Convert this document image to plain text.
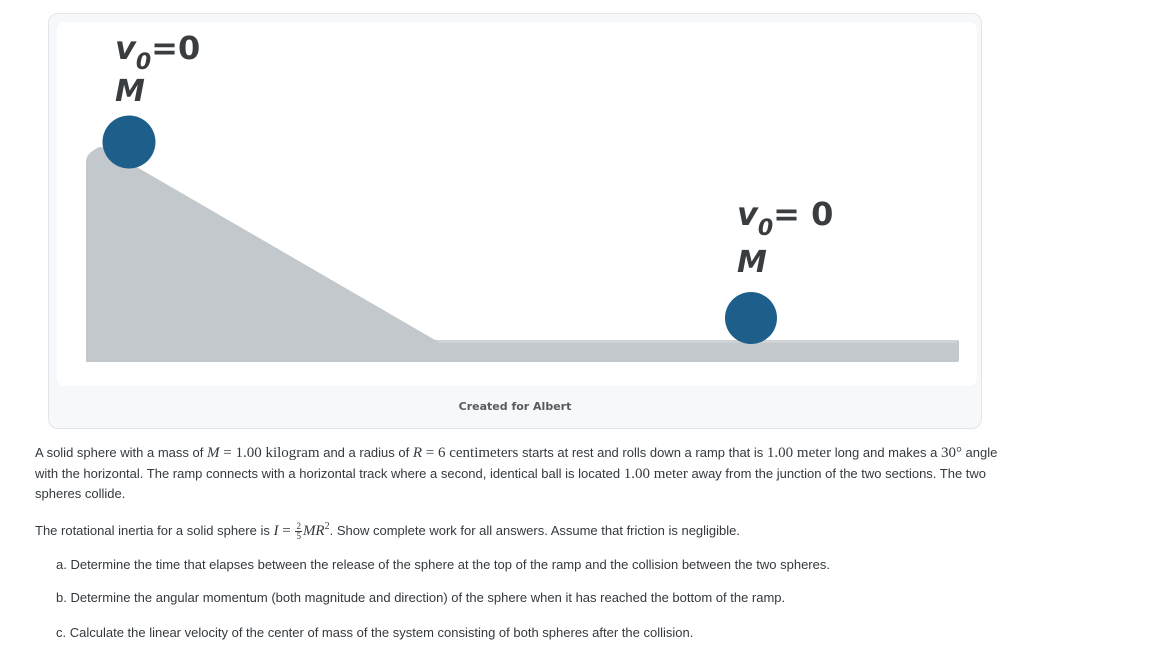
v0=0
M
v0= 0
M
Created for Albert
A solid sphere with a mass of M = 1.00 kilogram and a radius of R = 6 centimeters starts at rest and rolls down a ramp that is 1.00 meter long and makes a 30° angle with the horizontal. The ramp connects with a horizontal track where a second, identical ball is located 1.00 meter away from the junction of the two sections. The two spheres collide.
The rotational inertia for a solid sphere is $I = \frac{2}{5} MR^2$. Show complete work for all answers. Assume that friction is negligible.
a. Determine the time that elapses between the release of the sphere at the top of the ramp and the collision between the two spheres.
b. Determine the angular momentum (both magnitude and direction) of the sphere when it has reached the bottom of the ramp.
c. Calculate the linear velocity of the center of mass of the system consisting of both spheres after the collision.
